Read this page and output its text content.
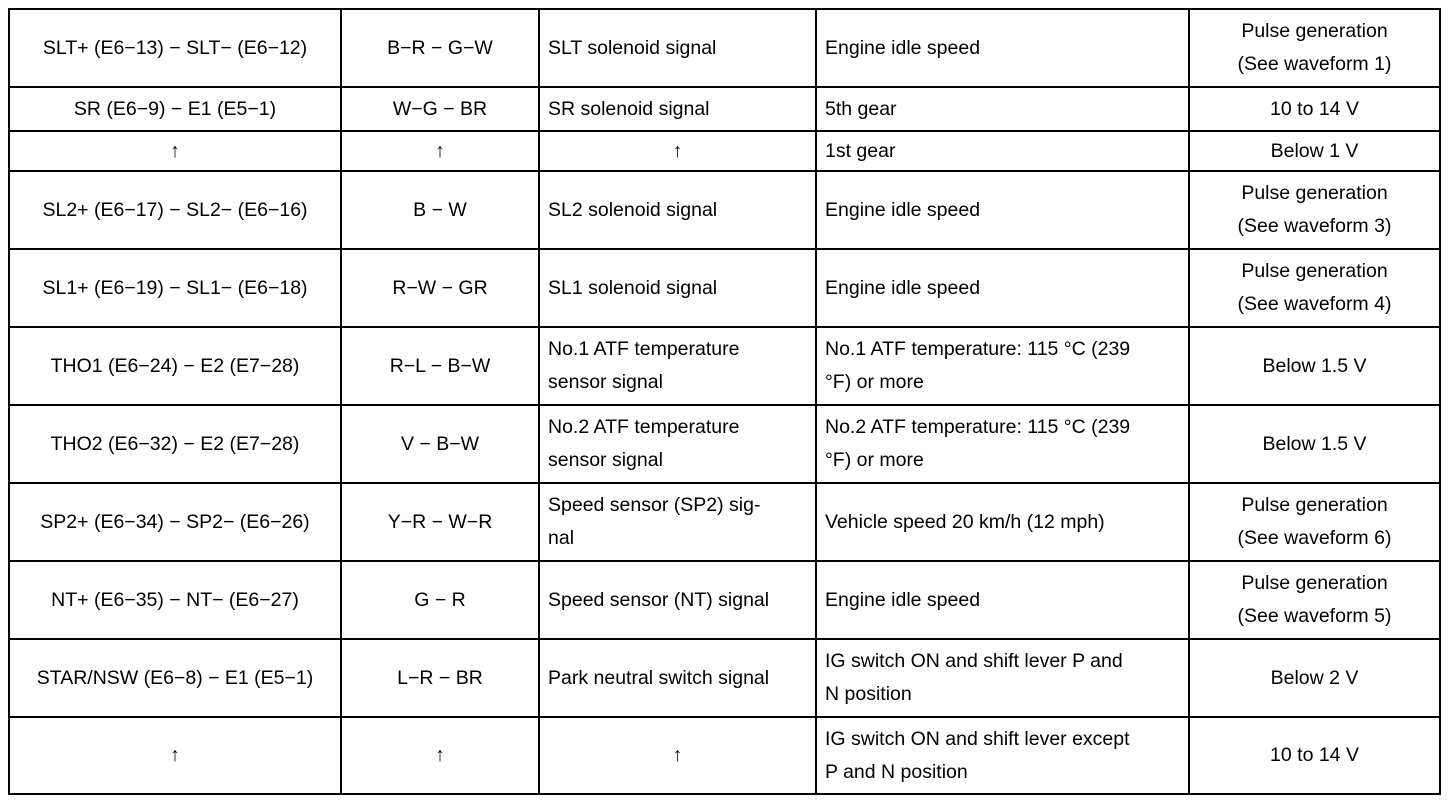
SLT+ (E6−13) − SLT− (E6−12)	B−R − G−W	SLT solenoid signal	Engine idle speed	Pulse generation
(See waveform 1)

SR (E6−9) − E1 (E5−1)	W−G − BR	SR solenoid signal	5th gear	10 to 14 V
↑	↑	↑	1st gear	Below 1 V
SL2+ (E6−17) − SL2− (E6−16)	B − W	SL2 solenoid signal	Engine idle speed	Pulse generation
(See waveform 3)

SL1+ (E6−19) − SL1− (E6−18)	R−W − GR	SL1 solenoid signal	Engine idle speed	Pulse generation
(See waveform 4)

THO1 (E6−24) − E2 (E7−28)	R−L − B−W	No.1 ATF temperature
sensor signal	No.1 ATF temperature: 115 °C (239
°F) or more	Below 1.5 V
THO2 (E6−32) − E2 (E7−28)	V − B−W	No.2 ATF temperature
sensor signal	No.2 ATF temperature: 115 °C (239
°F) or more	Below 1.5 V
SP2+ (E6−34) − SP2− (E6−26)	Y−R − W−R	Speed sensor (SP2) sig-
nal	Vehicle speed 20 km/h (12 mph)	Pulse generation
(See waveform 6)

NT+ (E6−35) − NT− (E6−27)	G − R	Speed sensor (NT) signal	Engine idle speed	Pulse generation
(See waveform 5)

STAR/NSW (E6−8) − E1 (E5−1)	L−R − BR	Park neutral switch signal	IG switch ON and shift lever P and
N position	Below 2 V
↑	↑	↑	IG switch ON and shift lever except
P and N position	10 to 14 V
